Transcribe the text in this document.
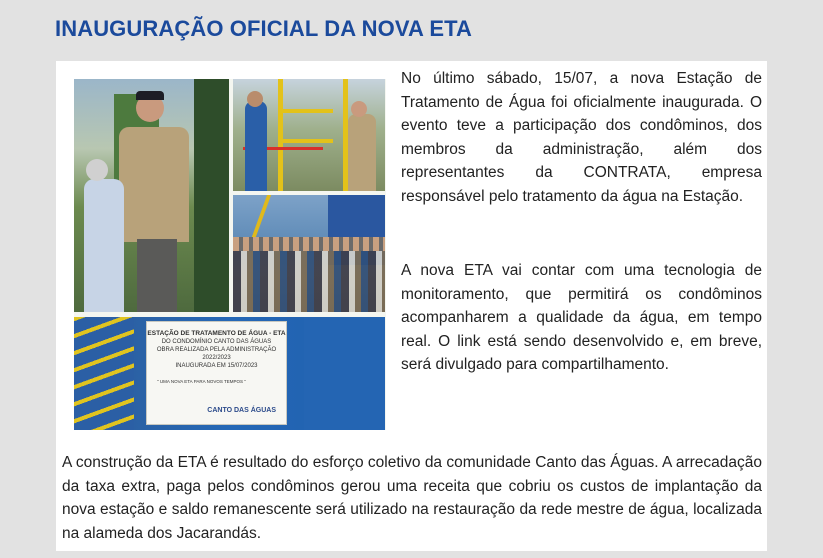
INAUGURAÇÃO OFICIAL DA NOVA ETA
ESTAÇÃO DE TRATAMENTO DE ÁGUA - ETA
DO CONDOMÍNIO CANTO DAS ÁGUAS
OBRA REALIZADA PELA ADMINISTRAÇÃO
2022/2023
INAUGURADA EM 15/07/2023
" UMA NOVA ETA PARA NOVOS TEMPOS "
CANTO DAS ÁGUAS

No último sábado, 15/07, a nova Estação de Tratamento de Água foi oficialmente inaugurada. O evento teve a participação dos condôminos, dos membros da administração, além dos representantes da CONTRATA, empresa responsável pelo tratamento da água na Estação.

A nova ETA vai contar com uma tecnologia de monitoramento, que permitirá os condôminos acompanharem a qualidade da água, em tempo real. O link está sendo desenvolvido e, em breve, será divulgado para compartilhamento.

A construção da ETA é resultado do esforço coletivo da comunidade Canto das Águas. A arrecadação da taxa extra, paga pelos condôminos gerou uma receita que cobriu os custos de implantação da nova estação e saldo remanescente será utilizado na restauração da rede mestre de água, localizada na alameda dos Jacarandás.
